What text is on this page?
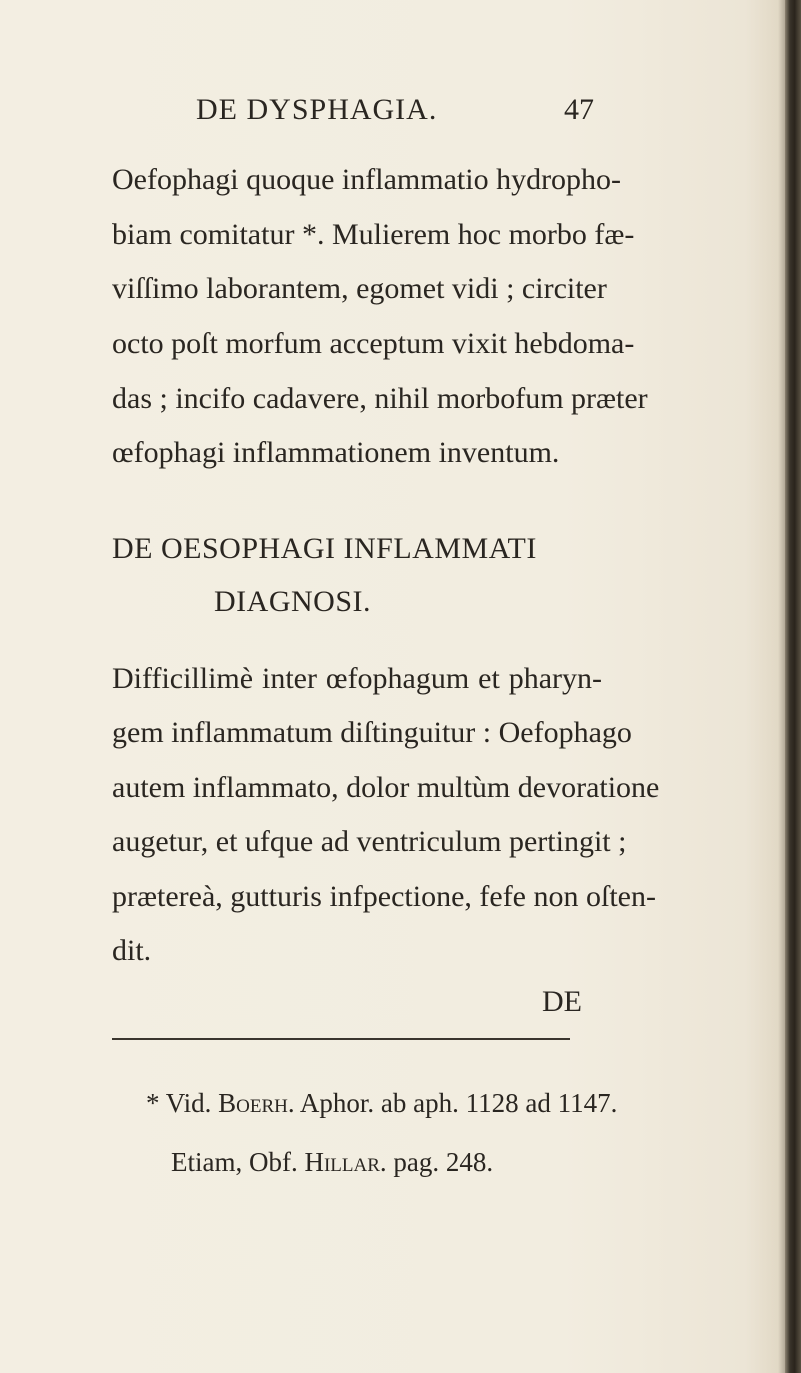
DE DYSPHAGIA.	47
Oefophagi quoque inflammatio hydropho-
biam comitatur *. Mulierem hoc morbo fæ-
viſſimo laborantem, egomet vidi ; circiter
octo poſt morfum acceptum vixit hebdoma-
das ; incifo cadavere, nihil morbofum præter
œfophagi inflammationem inventum.
DE OESOPHAGI INFLAMMATI
DIAGNOSI.
Difficillimè inter œfophagum et pharyn-
gem inflammatum diſtinguitur : Oefophago
autem inflammato, dolor multùm devoratione
augetur, et ufque ad ventriculum pertingit ;
prætereà, gutturis infpectione, fefe non oſten-
dit.
DE
* Vid. Boerh. Aphor. ab aph. 1128 ad 1147.
Etiam, Obf. Hillar. pag. 248.
